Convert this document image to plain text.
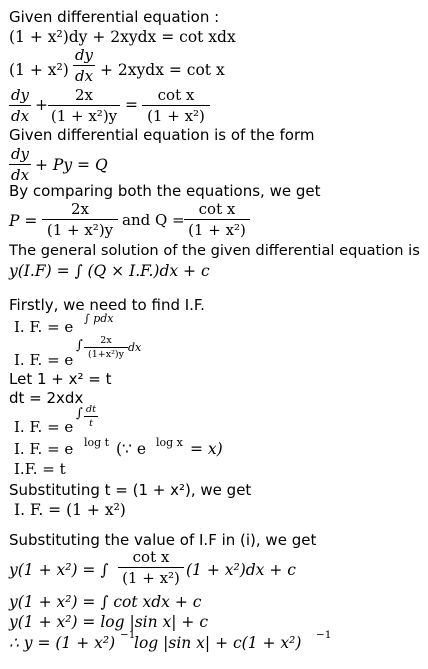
Given differential equation :
(1 + x²)dy + 2xydx = cot xdx
$(1 + x^2) \frac{dy}{dx}$ + 2xydx = cot x
$\frac{dy}{dx} + \frac{2x}{\text{(1 + x²)y}} = \frac{\text{cot x}}{\text{(1 + x²)}}$
Given differential equation is of the form
$\frac{dy}{dx} + Py = Q$
By comparing both the equations, we get
$P = \frac{2x}{\text{(1 + x²)y}}$ and $Q = \frac{\text{cot x}}{\text{(1 + x²)}}$
The general solution of the given differential equation is
y(I.F) = ∫ (Q × I.F.)dx + c
Firstly, we need to find I.F.
I. F. = e ∫ pdx
I. F. = e
∫ $\frac{2x}{\text{(1+x²)y}}$ dx
Let 1 + x² = t
dt = 2xdx
I. F. = e
∫ $\frac{dt}{t}$
I. F. = e log t (∵ e log x = x)
I.F. = t
Substituting t = (1 + x²), we get
I. F. = (1 + x²)
Substituting the value of I.F in (i), we get
y(1 + x²) = ∫ $\frac{\text{cot x}}{\text{(1 + x²)}} (1 + x^2)dx + c$
y(1 + x²) = ∫ cot xdx + c
y(1 + x²) = log |sin x| + c
∴ y = (1 + x²) −1
log |sin x| + c(1 + x²) −1
